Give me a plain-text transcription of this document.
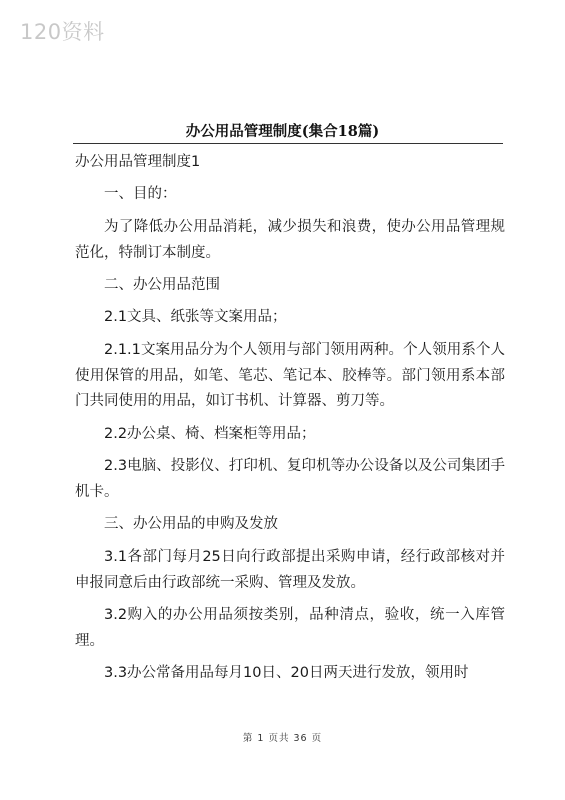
120资料
办公用品管理制度(集合18篇)

办公用品管理制度1

一、目的：

为了降低办公用品消耗，减少损失和浪费，使办公用品管理规范化，特制订本制度。

二、办公用品范围

2.1文具、纸张等文案用品；

2.1.1文案用品分为个人领用与部门领用两种。个人领用系个人使用保管的用品，如笔、笔芯、笔记本、胶棒等。部门领用系本部门共同使用的用品，如订书机、计算器、剪刀等。

2.2办公桌、椅、档案柜等用品；

2.3电脑、投影仪、打印机、复印机等办公设备以及公司集团手机卡。

三、办公用品的申购及发放

3.1各部门每月25日向行政部提出采购申请，经行政部核对并申报同意后由行政部统一采购、管理及发放。

3.2购入的办公用品须按类别，品种清点，验收，统一入库管理。

3.3办公常备用品每月10日、20日两天进行发放，领用时

第 1 页共 36 页
